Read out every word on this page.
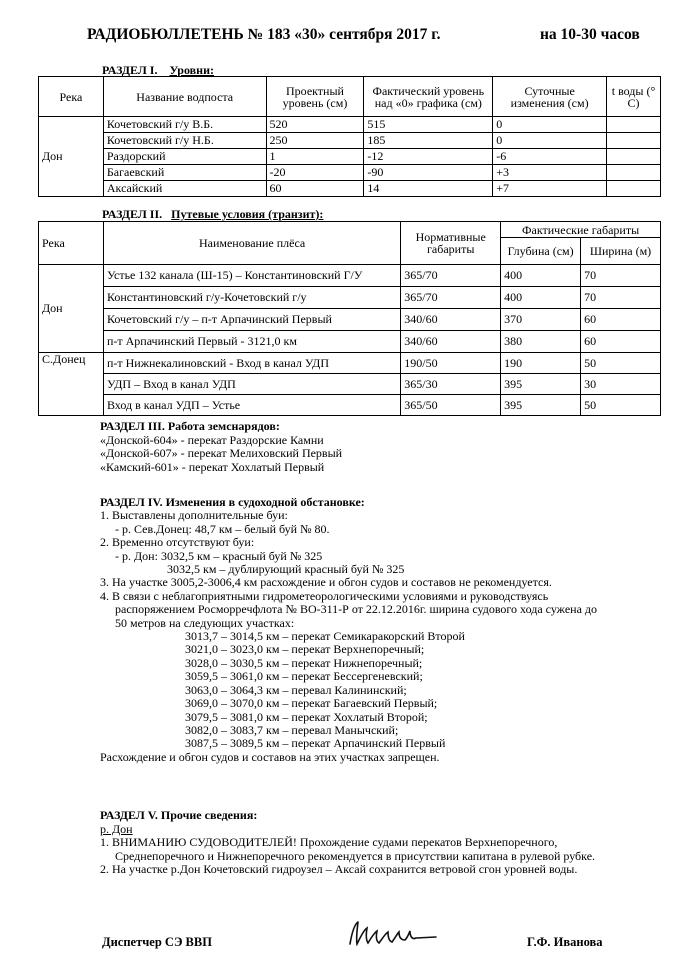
РАДИОБЮЛЛЕТЕНЬ № 183 «30» сентября 2017 г.	на 10-30 часов
РАЗДЕЛ I. Уровни:
Река	Название водпоста	Проектный уровень (см)	Фактический уровень над «0» графика (см)	Суточные изменения (см)	t воды (° С)
Дон	Кочетовский г/у В.Б.	520	515	0	
	Кочетовский г/у Н.Б.	250	185	0	
	Раздорский	1	-12	-6	
	Багаевский	-20	-90	+3	
	Аксайский	60	14	+7	
РАЗДЕЛ II. Путевые условия (транзит):
Река	Наименование плёса	Нормативные габариты	Фактические габариты	
			Глубина (см)	Ширина (м)
Дон	Устье 132 канала (Ш-15) – Константиновский Г/У	365/70	400	70
	Константиновский г/у-Кочетовский г/у	365/70	400	70
	Кочетовский г/у – п-т Арпачинский Первый	340/60	370	60
	п-т Арпачинский Первый - 3121,0 км	340/60	380	60
С.Донец	п-т Нижнекалиновский - Вход в канал УДП	190/50	190	50
	УДП – Вход в канал УДП	365/30	395	30
	Вход в канал УДП – Устье	365/50	395	50
РАЗДЕЛ III. Работа земснарядов:
«Донской-604» - перекат Раздорские Камни
«Донской-607» - перекат Мелиховский Первый
«Камский-601» - перекат Хохлатый Первый
РАЗДЕЛ IV. Изменения в судоходной обстановке:
1. Выставлены дополнительные буи:
- р. Сев.Донец: 48,7 км – белый буй № 80.
2. Временно отсутствуют буи:
- р. Дон: 3032,5 км – красный буй № 325
3032,5 км – дублирующий красный буй № 325
3. На участке 3005,2-3006,4 км расхождение и обгон судов и составов не рекомендуется.
4. В связи с неблагоприятными гидрометеорологическими условиями и руководствуясь
распоряжением Росморречфлота № ВО-311-Р от 22.12.2016г. ширина судового хода сужена до
50 метров на следующих участках:
3013,7 – 3014,5 км – перекат Семикаракорский Второй
3021,0 – 3023,0 км – перекат Верхнепоречный;
3028,0 – 3030,5 км – перекат Нижнепоречный;
3059,5 – 3061,0 км – перекат Бессергеневский;
3063,0 – 3064,3 км – перевал Калининский;
3069,0 – 3070,0 км – перекат Багаевский Первый;
3079,5 – 3081,0 км – перекат Хохлатый Второй;
3082,0 – 3083,7 км – перевал Манычский;
3087,5 – 3089,5 км – перекат Арпачинский Первый
Расхождение и обгон судов и составов на этих участках запрещен.
РАЗДЕЛ V. Прочие сведения:
р. Дон
1. ВНИМАНИЮ СУДОВОДИТЕЛЕЙ! Прохождение судами перекатов Верхнепоречного,
Среднепоречного и Нижнепоречного рекомендуется в присутствии капитана в рулевой рубке.
2. На участке р.Дон Кочетовский гидроузел – Аксай сохранится ветровой сгон уровней воды.
Диспетчер СЭ ВВП	Г.Ф. Иванова
